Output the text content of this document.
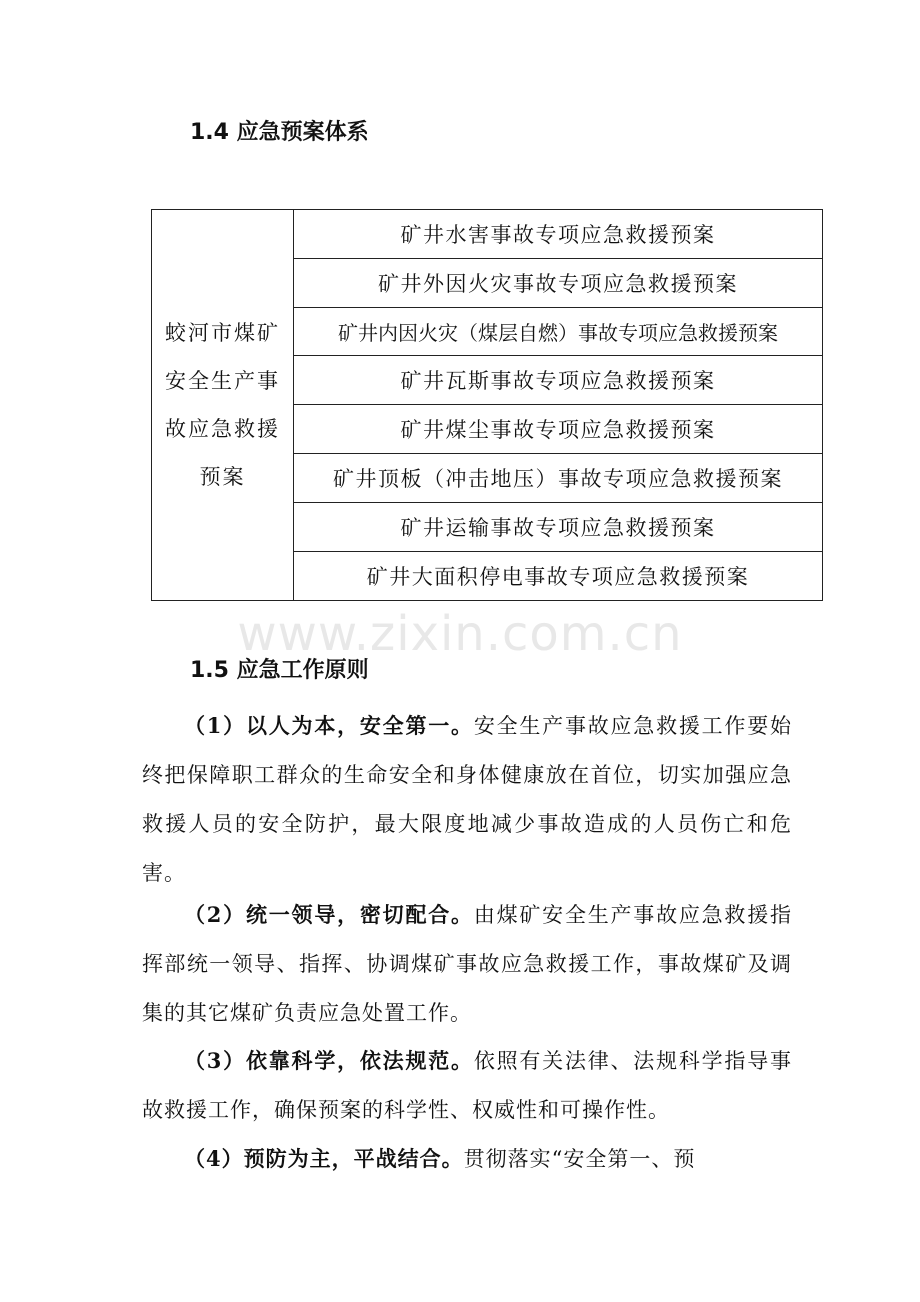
1.4 应急预案体系
蛟河市煤矿安全生产事故应急救援预案
	矿井水害事故专项应急救援预案
矿井外因火灾事故专项应急救援预案
矿井内因火灾（煤层自燃）事故专项应急救援预案
矿井瓦斯事故专项应急救援预案
矿井煤尘事故专项应急救援预案
矿井顶板（冲击地压）事故专项应急救援预案
矿井运输事故专项应急救援预案
矿井大面积停电事故专项应急救援预案
www.zixin.com.cn
1.5 应急工作原则
（1）以人为本，安全第一。安全生产事故应急救援工作要始终把保障职工群众的生命安全和身体健康放在首位，切实加强应急救援人员的安全防护，最大限度地减少事故造成的人员伤亡和危害。
（2）统一领导，密切配合。由煤矿安全生产事故应急救援指挥部统一领导、指挥、协调煤矿事故应急救援工作，事故煤矿及调集的其它煤矿负责应急处置工作。
（3）依靠科学，依法规范。依照有关法律、法规科学指导事故救援工作，确保预案的科学性、权威性和可操作性。
（4）预防为主，平战结合。贯彻落实“安全第一、预
